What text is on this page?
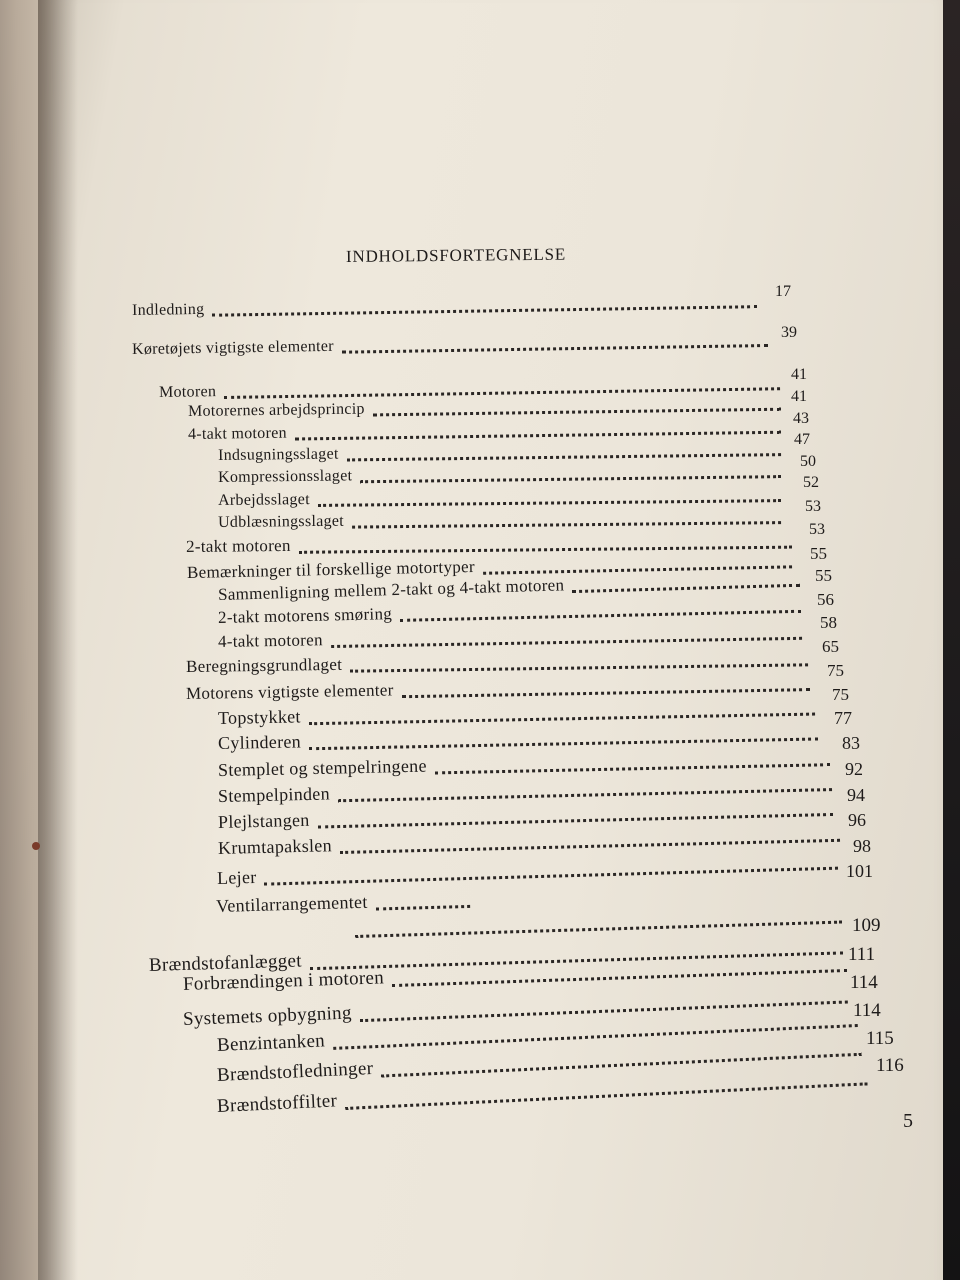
INDHOLDSFORTEGNELSE
Indledning
Køretøjets vigtigste elementer
Motoren
Motorernes arbejdsprincip
4-takt motoren
Indsugningsslaget
Kompressionsslaget
Arbejdsslaget
Udblæsningsslaget
2-takt motoren
Bemærkninger til forskellige motortyper
Sammenligning mellem 2-takt og 4-takt motoren
2-takt motorens smøring
4-takt motoren
Beregningsgrundlaget
Motorens vigtigste elementer
Topstykket
Cylinderen
Stemplet og stempelringene
Stempelpinden
Plejlstangen
Krumtapakslen
Lejer
Ventilarrangementet
Brændstofanlægget
Forbrændingen i motoren
Systemets opbygning
Benzintanken
Brændstofledninger
Brændstoffilter
17
39
41
41
43
47
50
52
53
53
55
55
56
58
65
75
75
77
83
92
94
96
98
101
109
111
114
114
115
116
5
